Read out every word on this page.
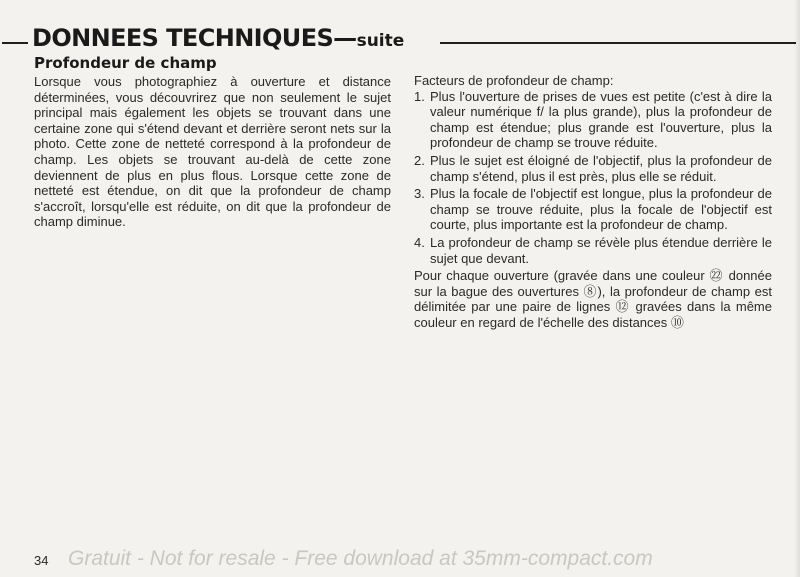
DONNEES TECHNIQUES—suite
Profondeur de champ

Lorsque vous photographiez à ouverture et distance déterminées, vous découvrirez que non seulement le sujet principal mais également les objets se trouvant dans une certaine zone qui s'étend devant et derrière seront nets sur la photo. Cette zone de netteté correspond à la profondeur de champ. Les objets se trouvant au-delà de cette zone deviennent de plus en plus flous. Lorsque cette zone de netteté est étendue, on dit que la profondeur de champ s'accroît, lorsqu'elle est réduite, on dit que la profondeur de champ diminue.

Facteurs de profondeur de champ:

1. Plus l'ouverture de prises de vues est petite (c'est à dire la valeur numérique f/ la plus grande), plus la profondeur de champ est étendue; plus grande est l'ouverture, plus la profondeur de champ se trouve réduite.
2. Plus le sujet est éloigné de l'objectif, plus la profondeur de champ s'étend, plus il est près, plus elle se réduit.
3. Plus la focale de l'objectif est longue, plus la profondeur de champ se trouve réduite, plus la focale de l'objectif est courte, plus importante est la profondeur de champ.
4. La profondeur de champ se révèle plus étendue derrière le sujet que devant.

Pour chaque ouverture (gravée dans une couleur ㉒ donnée sur la bague des ouvertures ⑧), la profondeur de champ est délimitée par une paire de lignes ⑫ gravées dans la même couleur en regard de l'échelle des distances ⑩

34 Gratuit - Not for resale - Free download at 35mm-compact.com
